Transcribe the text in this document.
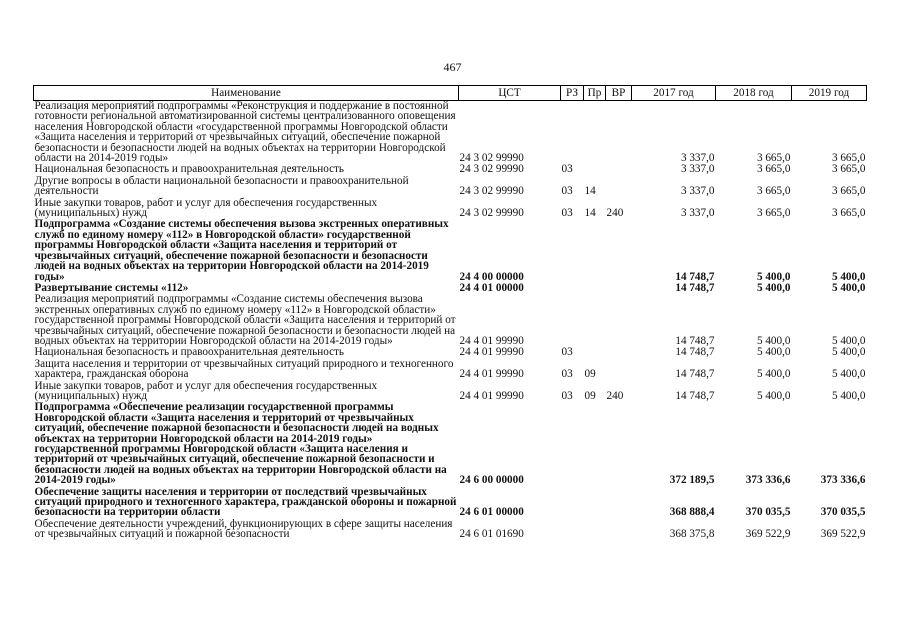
467
Наименование	ЦСТ	РЗ	Пр	ВР	2017 год	2018 год	2019 год
Реализация мероприятий подпрограммы «Реконструкция и поддержание в постоянной готовности региональной автоматизированной системы централизованного оповещения населения Новгородской области «государственной программы Новгородской области «Защита населения и территорий от чрезвычайных ситуаций, обеспечение пожарной безопасности и безопасности людей на водных объектах на территории Новгородской области на 2014-2019 годы»	24 3 02 99990				3 337,0	3 665,0	3 665,0
Национальная безопасность и правоохранительная деятельность	24 3 02 99990	03			3 337,0	3 665,0	3 665,0
Другие вопросы в области национальной безопасности и правоохранительной деятельности	24 3 02 99990	03	14		3 337,0	3 665,0	3 665,0
Иные закупки товаров, работ и услуг для обеспечения государственных (муниципальных) нужд	24 3 02 99990	03	14	240	3 337,0	3 665,0	3 665,0
Подпрограмма «Создание системы обеспечения вызова экстренных оперативных служб по единому номеру «112» в Новгородской области» государственной программы Новгородской области «Защита населения и территорий от чрезвычайных ситуаций, обеспечение пожарной безопасности и безопасности людей на водных объектах на территории Новгородской области на 2014-2019 годы»	24 4 00 00000				14 748,7	5 400,0	5 400,0
Развертывание системы «112»	24 4 01 00000				14 748,7	5 400,0	5 400,0
Реализация мероприятий подпрограммы «Создание системы обеспечения вызова экстренных оперативных служб по единому номеру «112» в Новгородской области» государственной программы Новгородской области «Защита населения и территорий от чрезвычайных ситуаций, обеспечение пожарной безопасности и безопасности людей на водных объектах на территории Новгородской области на 2014-2019 годы»	24 4 01 99990				14 748,7	5 400,0	5 400,0
Национальная безопасность и правоохранительная деятельность	24 4 01 99990	03			14 748,7	5 400,0	5 400,0
Защита населения и территории от чрезвычайных ситуаций природного и техногенного характера, гражданская оборона	24 4 01 99990	03	09		14 748,7	5 400,0	5 400,0
Иные закупки товаров, работ и услуг для обеспечения государственных (муниципальных) нужд	24 4 01 99990	03	09	240	14 748,7	5 400,0	5 400,0
Подпрограмма «Обеспечение реализации государственной программы Новгородской области «Защита населения и территорий от чрезвычайных ситуаций, обеспечение пожарной безопасности и безопасности людей на водных объектах на территории Новгородской области на 2014-2019 годы» государственной программы Новгородской области «Защита населения и территорий от чрезвычайных ситуаций, обеспечение пожарной безопасности и безопасности людей на водных объектах на территории Новгородской области на 2014-2019 годы»	24 6 00 00000				372 189,5	373 336,6	373 336,6
Обеспечение защиты населения и территории от последствий чрезвычайных ситуаций природного и техногенного характера, гражданской обороны и пожарной безопасности на территории области	24 6 01 00000				368 888,4	370 035,5	370 035,5
Обеспечение деятельности учреждений, функционирующих в сфере защиты населения от чрезвычайных ситуаций и пожарной безопасности	24 6 01 01690				368 375,8	369 522,9	369 522,9
